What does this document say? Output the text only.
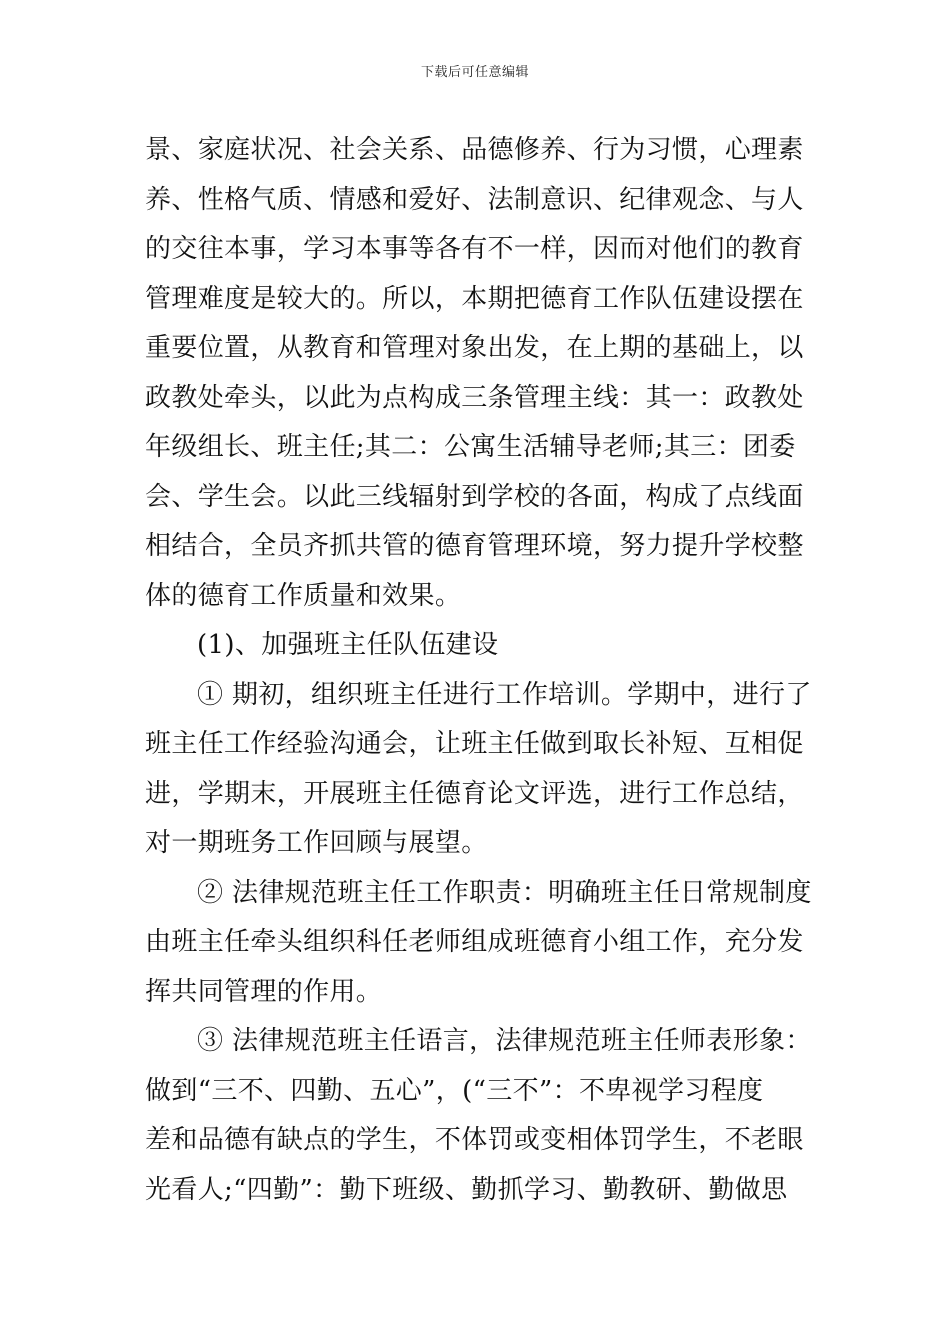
下载后可任意编辑

景、家庭状况、社会关系、品德修养、行为习惯，心理素

养、性格气质、情感和爱好、法制意识、纪律观念、与人

的交往本事，学习本事等各有不一样，因而对他们的教育

管理难度是较大的。所以，本期把德育工作队伍建设摆在

重要位置，从教育和管理对象出发，在上期的基础上，以

政教处牵头，以此为点构成三条管理主线：其一：政教处

年级组长、班主任;其二：公寓生活辅导老师;其三：团委

会、学生会。以此三线辐射到学校的各面，构成了点线面

相结合，全员齐抓共管的德育管理环境，努力提升学校整

体的德育工作质量和效果。

(1)、加强班主任队伍建设

① 期初，组织班主任进行工作培训。学期中，进行了

班主任工作经验沟通会，让班主任做到取长补短、互相促

进，学期末，开展班主任德育论文评选，进行工作总结，

对一期班务工作回顾与展望。

② 法律规范班主任工作职责：明确班主任日常规制度

由班主任牵头组织科任老师组成班德育小组工作，充分发

挥共同管理的作用。

③ 法律规范班主任语言，法律规范班主任师表形象：

做到“三不、四勤、五心”，(“三不”：不卑视学习程度

差和品德有缺点的学生，不体罚或变相体罚学生，不老眼

光看人;“四勤”：勤下班级、勤抓学习、勤教研、勤做思
